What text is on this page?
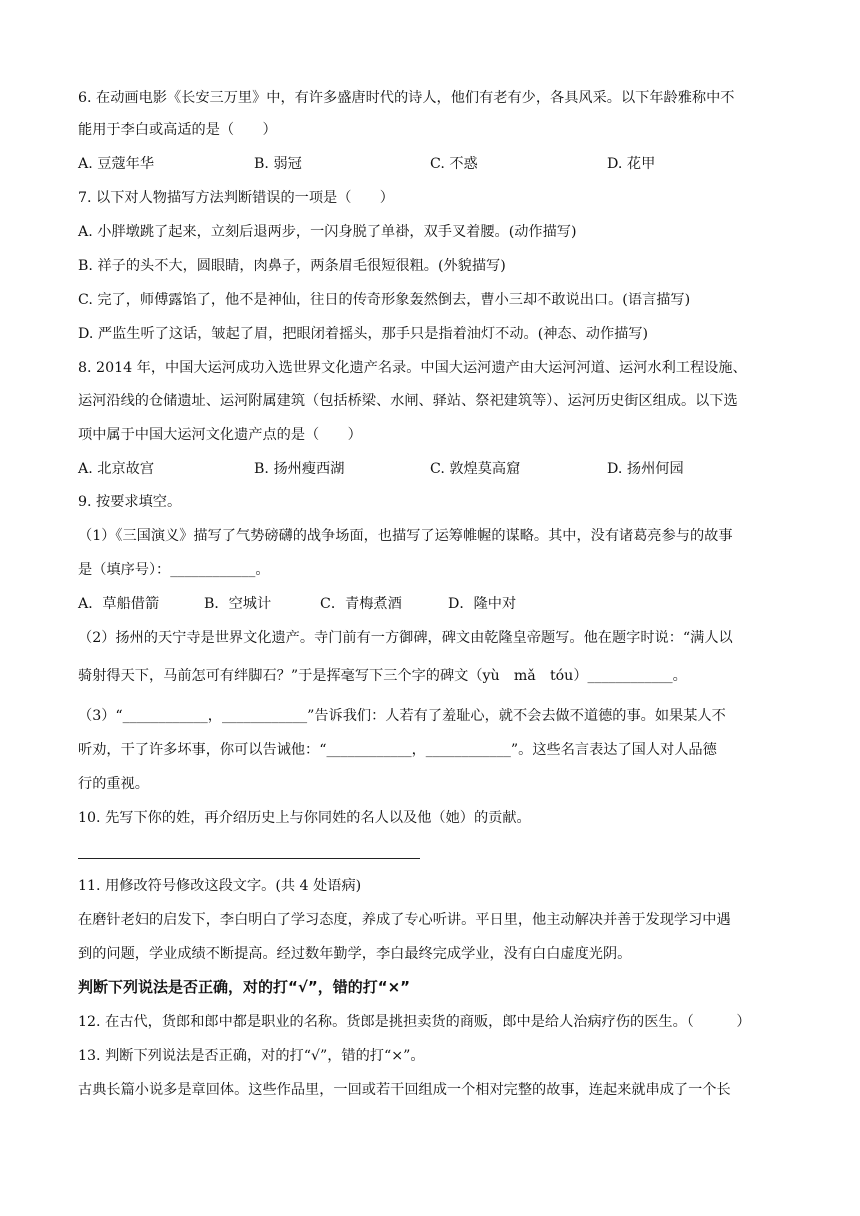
6. 在动画电影《长安三万里》中，有许多盛唐时代的诗人，他们有老有少，各具风采。以下年龄雅称中不
能用于李白或高适的是（　　）
A. 豆蔻年华	B. 弱冠	C. 不惑	D. 花甲
7. 以下对人物描写方法判断错误的一项是（　　）
A. 小胖墩跳了起来，立刻后退两步，一闪身脱了单褂，双手叉着腰。(动作描写)
B. 祥子的头不大，圆眼睛，肉鼻子，两条眉毛很短很粗。(外貌描写)
C. 完了，师傅露馅了，他不是神仙，往日的传奇形象轰然倒去，曹小三却不敢说出口。(语言描写)
D. 严监生听了这话，皱起了眉，把眼闭着摇头，那手只是指着油灯不动。(神态、动作描写)
8. 2014 年，中国大运河成功入选世界文化遗产名录。中国大运河遗产由大运河河道、运河水利工程设施、
运河沿线的仓储遗址、运河附属建筑（包括桥梁、水闸、驿站、祭祀建筑等）、运河历史街区组成。以下选
项中属于中国大运河文化遗产点的是（　　）
A. 北京故宫	B. 扬州瘦西湖	C. 敦煌莫高窟	D. 扬州何园
9. 按要求填空。
（1）《三国演义》描写了气势磅礴的战争场面，也描写了运筹帷幄的谋略。其中，没有诸葛亮参与的故事
是（填序号）：____________。
A．草船借箭	B．空城计	C．青梅煮酒	D．隆中对
（2）扬州的天宁寺是世界文化遗产。寺门前有一方御碑，碑文由乾隆皇帝题写。他在题字时说：“满人以
骑射得天下，马前怎可有绊脚石？”于是挥毫写下三个字的碑文（yù　mǎ　tóu）____________。
（3）“____________，____________”告诉我们：人若有了羞耻心，就不会去做不道德的事。如果某人不
听劝，干了许多坏事，你可以告诫他：“____________，____________”。这些名言表达了国人对人品德
行的重视。
10. 先写下你的姓，再介绍历史上与你同姓的名人以及他（她）的贡献。
11. 用修改符号修改这段文字。(共 4 处语病)
在磨针老妇的启发下，李白明白了学习态度，养成了专心听讲。平日里，他主动解决并善于发现学习中遇
到的问题，学业成绩不断提高。经过数年勤学，李白最终完成学业，没有白白虚度光阴。
判断下列说法是否正确，对的打“√”，错的打“×”
12. 在古代，货郎和郎中都是职业的名称。货郎是挑担卖货的商贩，郎中是给人治病疗伤的医生。（　　　）
13. 判断下列说法是否正确，对的打“√”，错的打“×”。
古典长篇小说多是章回体。这些作品里，一回或若干回组成一个相对完整的故事，连起来就串成了一个长
